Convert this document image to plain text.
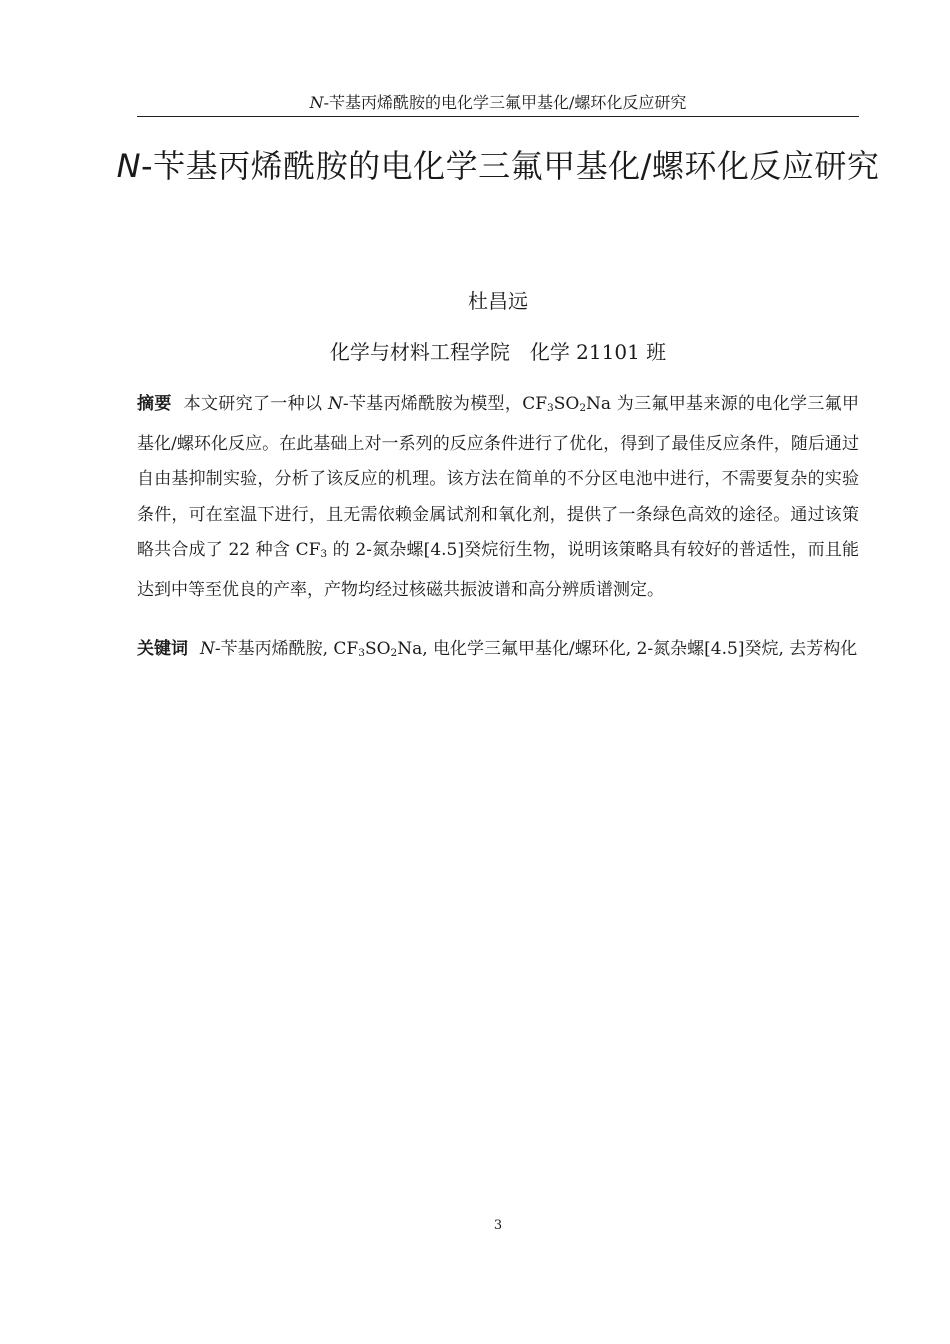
N-苄基丙烯酰胺的电化学三氟甲基化/螺环化反应研究
N-苄基丙烯酰胺的电化学三氟甲基化/螺环化反应研究
杜昌远
化学与材料工程学院　化学 21101 班
摘要 本文研究了一种以 N-苄基丙烯酰胺为模型，$CF_3SO_2Na$ 为三氟甲基来源的电化学三氟甲基化/螺环化反应。在此基础上对一系列的反应条件进行了优化，得到了最佳反应条件，随后通过自由基抑制实验，分析了该反应的机理。该方法在简单的不分区电池中进行，不需要复杂的实验条件，可在室温下进行，且无需依赖金属试剂和氧化剂，提供了一条绿色高效的途径。通过该策略共合成了 22 种含 $CF_3$ 的 2-氮杂螺[4.5]癸烷衍生物，说明该策略具有较好的普适性，而且能达到中等至优良的产率，产物均经过核磁共振波谱和高分辨质谱测定。
关键词 N-苄基丙烯酰胺, $CF_3SO_2Na$, 电化学三氟甲基化/螺环化, 2-氮杂螺[4.5]癸烷, 去芳构化
3
